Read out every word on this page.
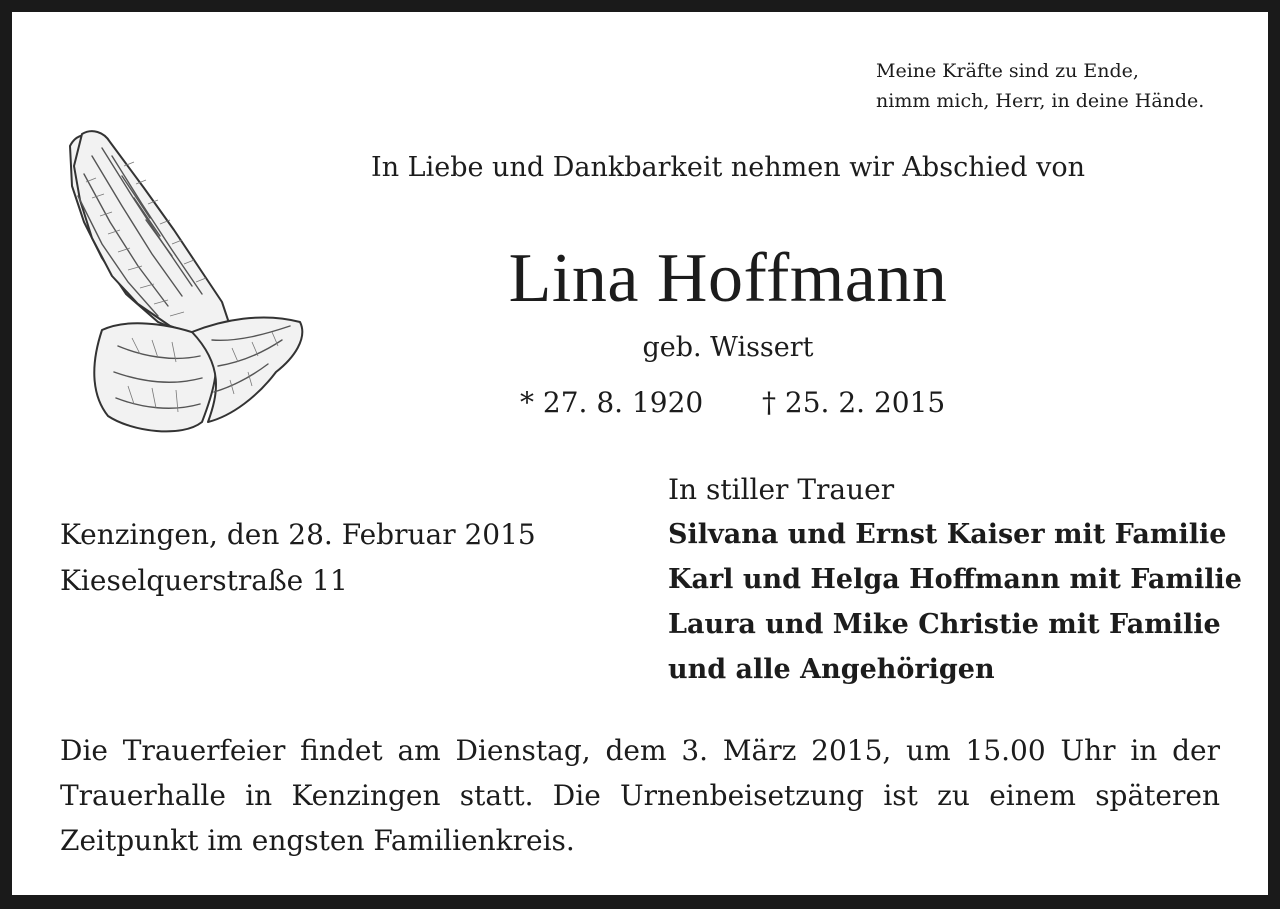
Meine Kräfte sind zu Ende,
nimm mich, Herr, in deine Hände.
In Liebe und Dankbarkeit nehmen wir Abschied von
Lina Hoffmann
geb. Wissert
* 27. 8. 1920 † 25. 2. 2015
Kenzingen, den 28. Februar 2015
Kieselquerstraße 11
In stiller Trauer
Silvana und Ernst Kaiser mit Familie
Karl und Helga Hoffmann mit Familie
Laura und Mike Christie mit Familie
und alle Angehörigen
Die Trauerfeier findet am Dienstag, dem 3. März 2015, um 15.00 Uhr in der Trauerhalle in Kenzingen statt. Die Urnenbeisetzung ist zu einem späteren Zeitpunkt im engsten Familienkreis.
